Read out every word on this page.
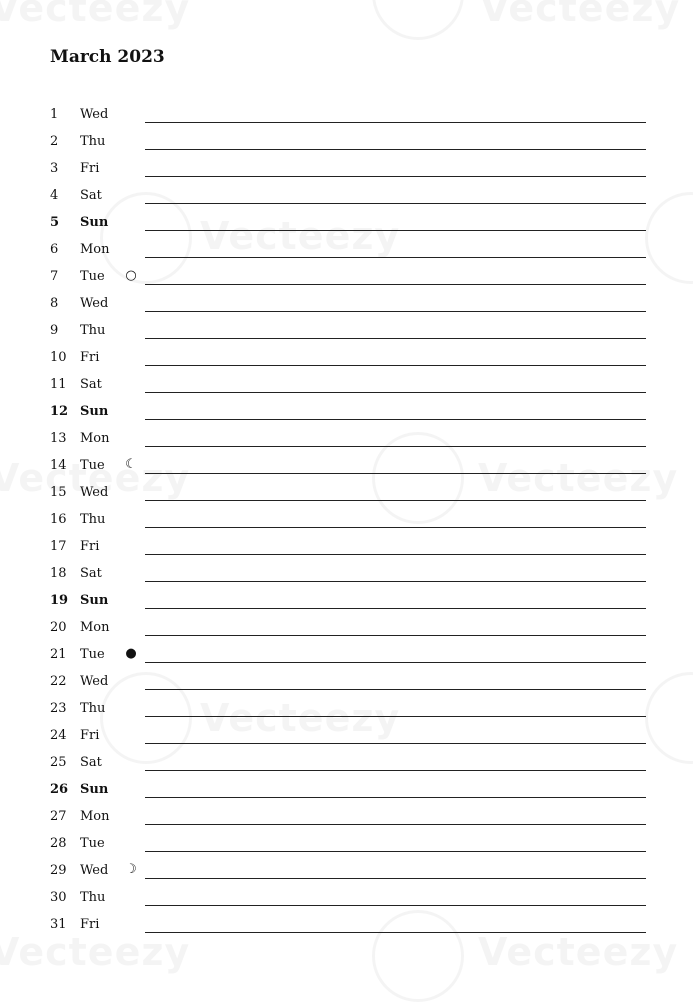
March 2023
1 Wed
2 Thu
3 Fri
4 Sat
5 Sun
6 Mon
7 Tue ○
8 Wed
9 Thu
10 Fri
11 Sat
12 Sun
13 Mon
14 Tue ☾
15 Wed
16 Thu
17 Fri
18 Sat
19 Sun
20 Mon
21 Tue ●
22 Wed
23 Thu
24 Fri
25 Sat
26 Sun
27 Mon
28 Tue
29 Wed ☽
30 Thu
31 Fri
